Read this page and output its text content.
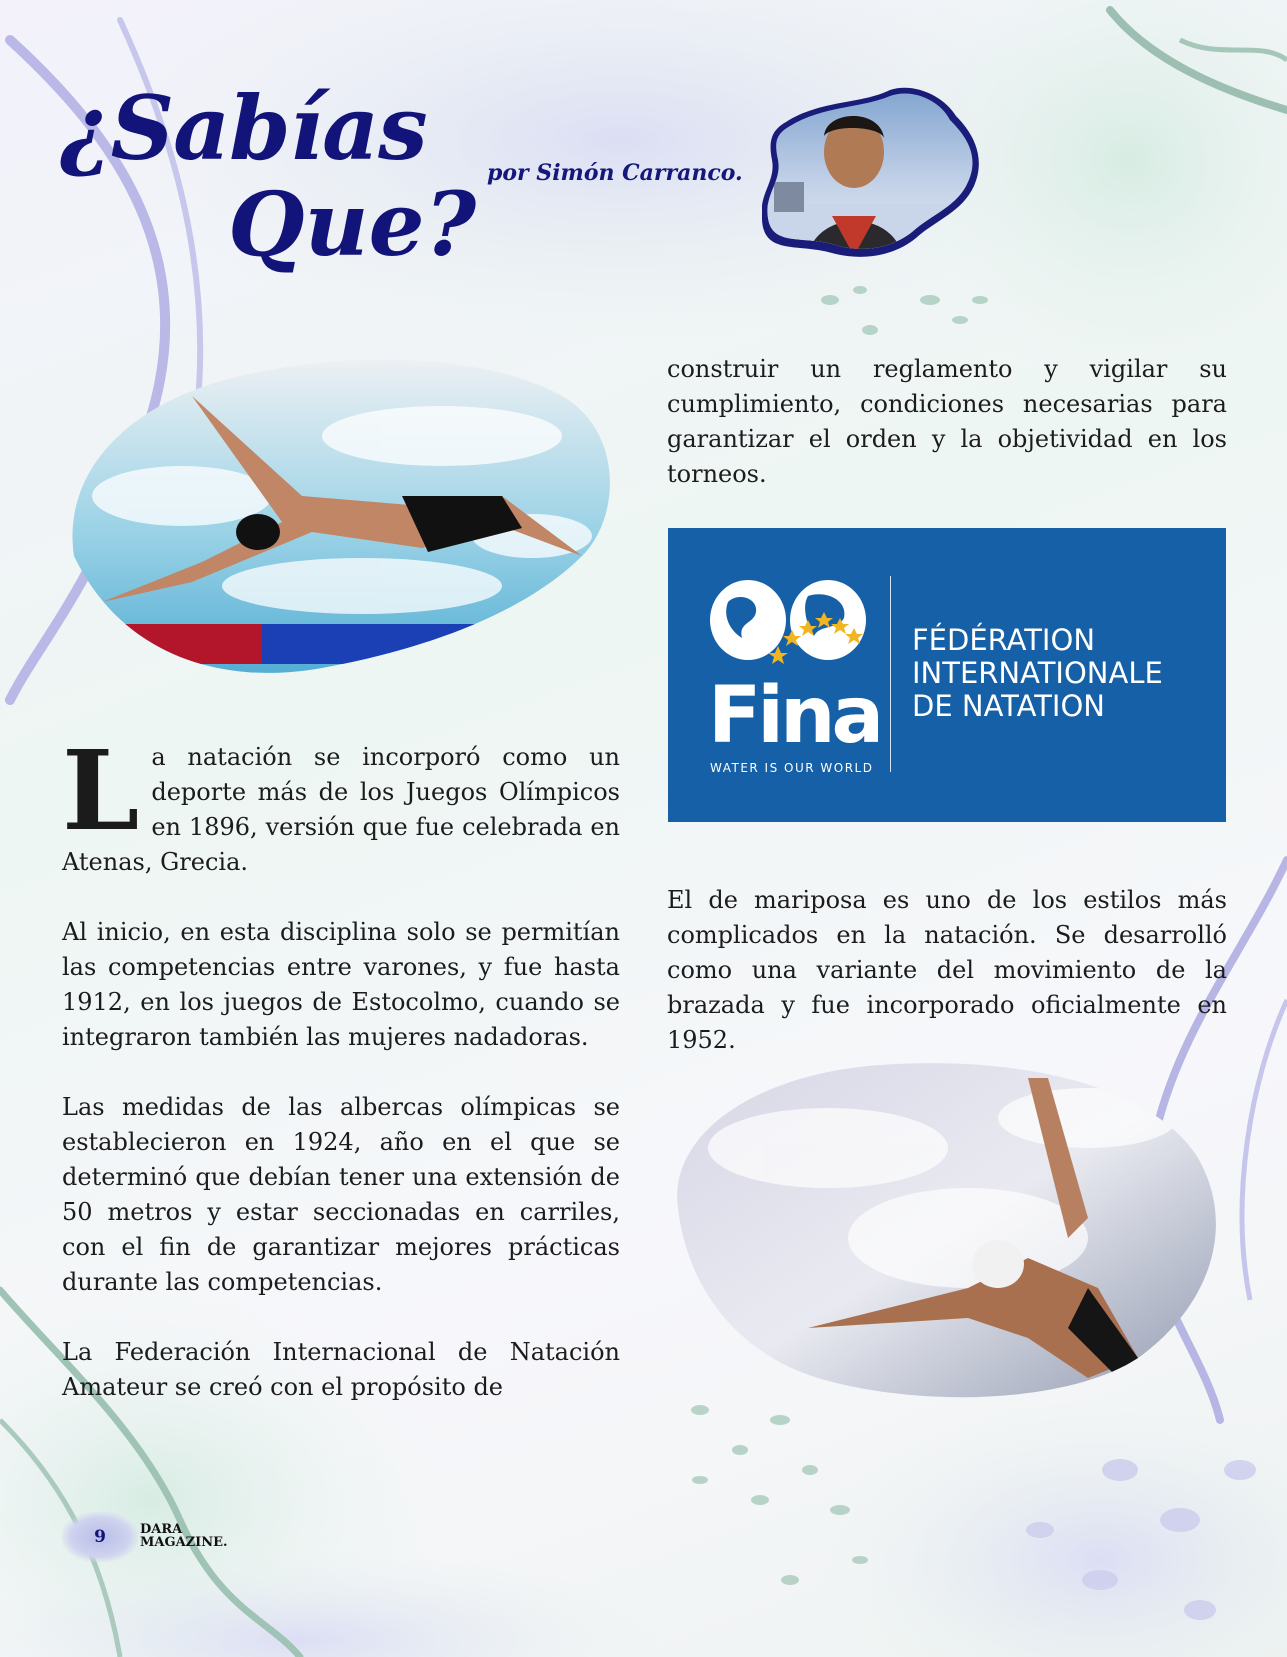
¿Sabías
Que? por Simón Carranco.

La natación se incorporó como un deporte más de los Juegos Olímpicos en 1896, versión que fue celebrada en Atenas, Grecia.

Al inicio, en esta disciplina solo se permitían las competencias entre varones, y fue hasta 1912, en los juegos de Estocolmo, cuando se integraron también las mujeres nadadoras.

Las medidas de las albercas olímpicas se establecieron en 1924, año en el que se determinó que debían tener una extensión de 50 metros y estar seccionadas en carriles, con el fin de garantizar mejores prácticas durante las competencias.

La Federación Internacional de Natación Amateur se creó con el propósito de

construir un reglamento y vigilar su cumplimiento, condiciones necesarias para garantizar el orden y la objetividad en los torneos.

Fina
WATER IS OUR WORLD
FÉDÉRATION
INTERNATIONALE
DE NATATION

El de mariposa es uno de los estilos más complicados en la natación. Se desarrolló como una variante del movimiento de la brazada y fue incorporado oficialmente en 1952.

9	DARA
MAGAZINE.
